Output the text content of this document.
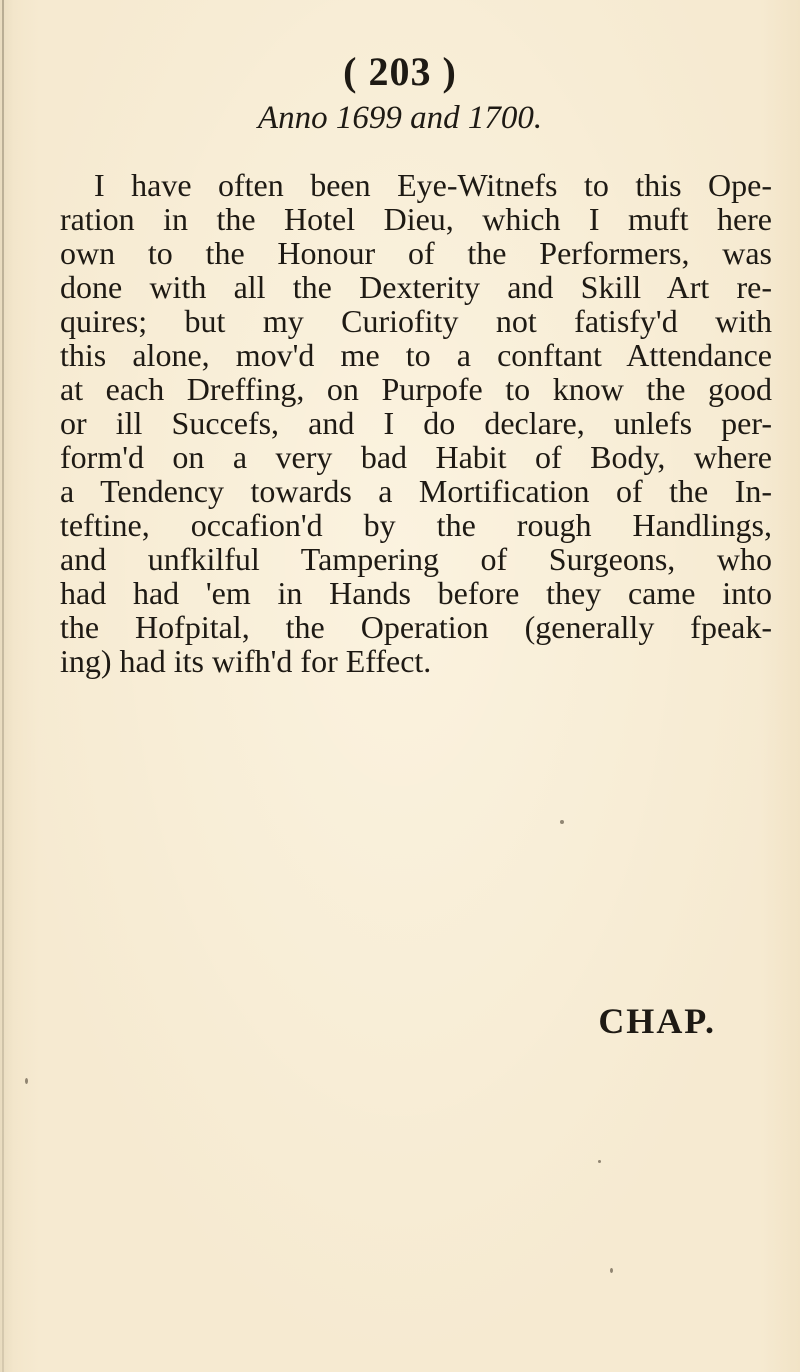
( 203 )
Anno 1699 and 1700.
I have often been Eye-Witnefs to this Ope-
ration in the Hotel Dieu, which I muft here
own to the Honour of the Performers, was
done with all the Dexterity and Skill Art re-
quires; but my Curiofity not fatisfy'd with
this alone, mov'd me to a conftant Attendance
at each Dreffing, on Purpofe to know the good
or ill Succefs, and I do declare, unlefs per-
form'd on a very bad Habit of Body, where
a Tendency towards a Mortification of the In-
teftine, occafion'd by the rough Handlings,
and unfkilful Tampering of Surgeons, who
had had 'em in Hands before they came into
the Hofpital, the Operation (generally fpeak-
ing) had its wifh'd for Effect.
CHAP.
